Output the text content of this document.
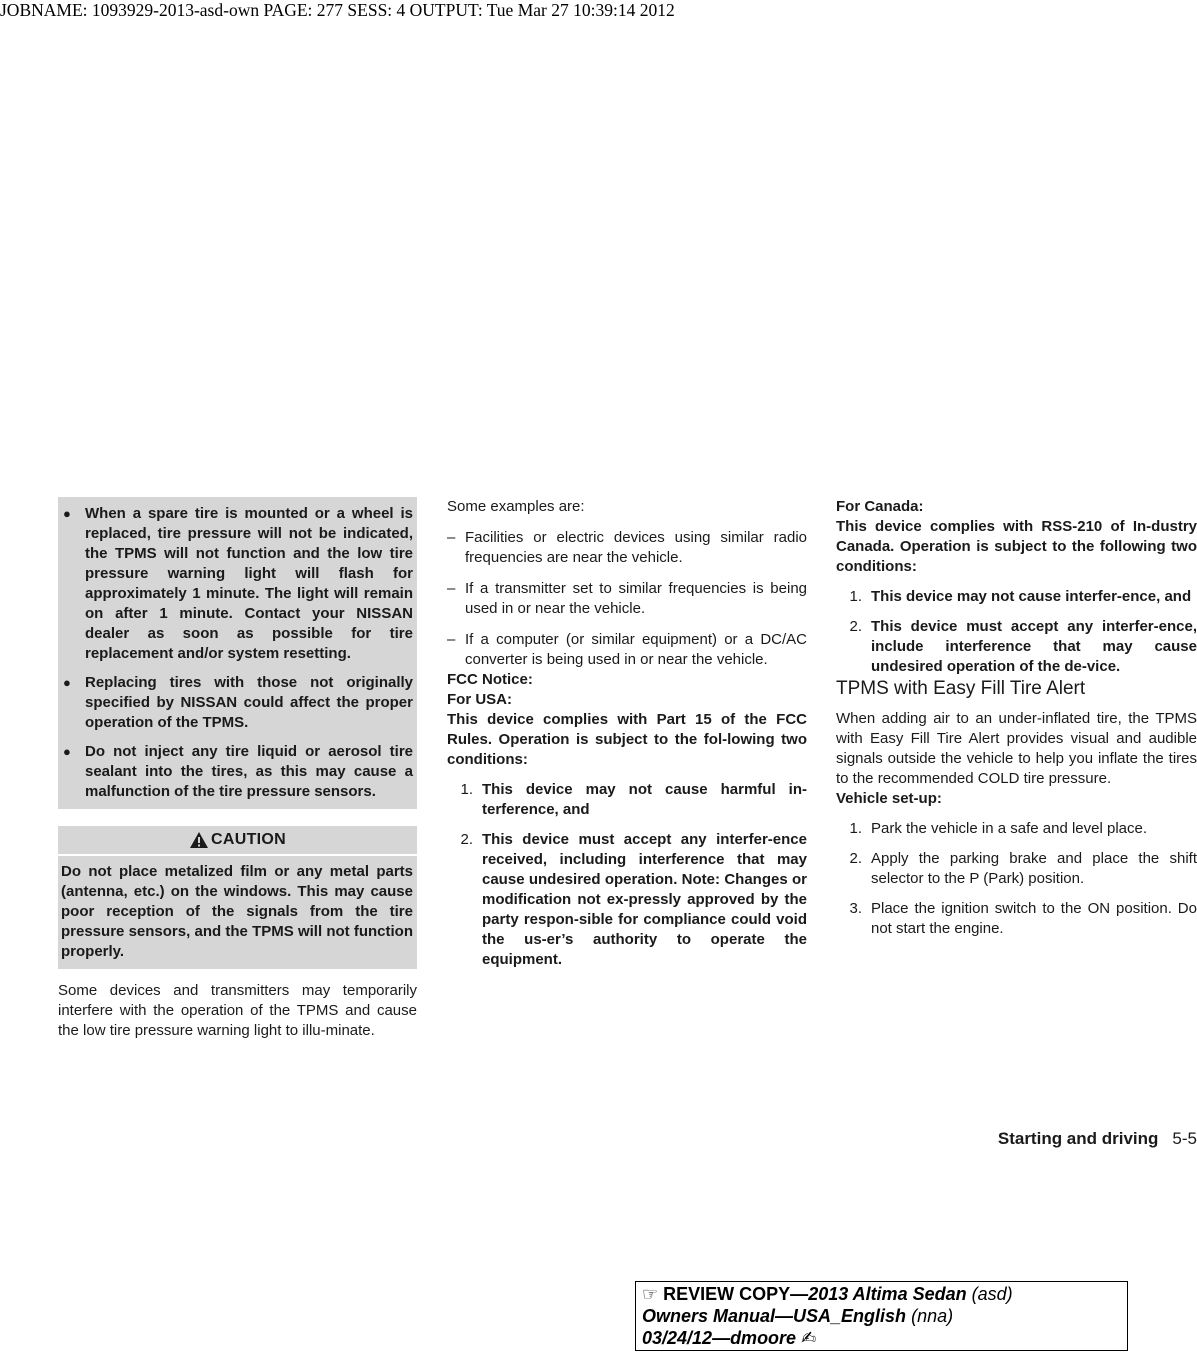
JOBNAME: 1093929-2013-asd-own PAGE: 277 SESS: 4 OUTPUT: Tue Mar 27 10:39:14 2012
● When a spare tire is mounted or a wheel is replaced, tire pressure will not be indicated, the TPMS will not function and the low tire pressure warning light will flash for approximately 1 minute. The light will remain on after 1 minute. Contact your NISSAN dealer as soon as possible for tire replacement and/or system resetting.
● Replacing tires with those not originally specified by NISSAN could affect the proper operation of the TPMS.
● Do not inject any tire liquid or aerosol tire sealant into the tires, as this may cause a malfunction of the tire pressure sensors.
CAUTION
Do not place metalized film or any metal parts (antenna, etc.) on the windows. This may cause poor reception of the signals from the tire pressure sensors, and the TPMS will not function properly.

Some devices and transmitters may temporarily interfere with the operation of the TPMS and cause the low tire pressure warning light to illu-minate.

Some examples are:

– Facilities or electric devices using similar radio frequencies are near the vehicle.
– If a transmitter set to similar frequencies is being used in or near the vehicle.
– If a computer (or similar equipment) or a DC/AC converter is being used in or near the vehicle.

FCC Notice:

For USA:

This device complies with Part 15 of the FCC Rules. Operation is subject to the fol-lowing two conditions:

1. This device may not cause harmful in-terference, and
2. This device must accept any interfer-ence received, including interference that may cause undesired operation. Note: Changes or modification not ex-pressly approved by the party respon-sible for compliance could void the us-er’s authority to operate the equipment.

For Canada:

This device complies with RSS-210 of In-dustry Canada. Operation is subject to the following two conditions:

1. This device may not cause interfer-ence, and
2. This device must accept any interfer-ence, include interference that may cause undesired operation of the de-vice.

TPMS with Easy Fill Tire Alert

When adding air to an under-inflated tire, the TPMS with Easy Fill Tire Alert provides visual and audible signals outside the vehicle to help you inflate the tires to the recommended COLD tire pressure.

Vehicle set-up:

1. Park the vehicle in a safe and level place.
2. Apply the parking brake and place the shift selector to the P (Park) position.
3. Place the ignition switch to the ON position. Do not start the engine.
Starting and driving 5-5
☞ REVIEW COPY—2013 Altima Sedan (asd)
Owners Manual—USA_English (nna)
03/24/12—dmoore ✍
